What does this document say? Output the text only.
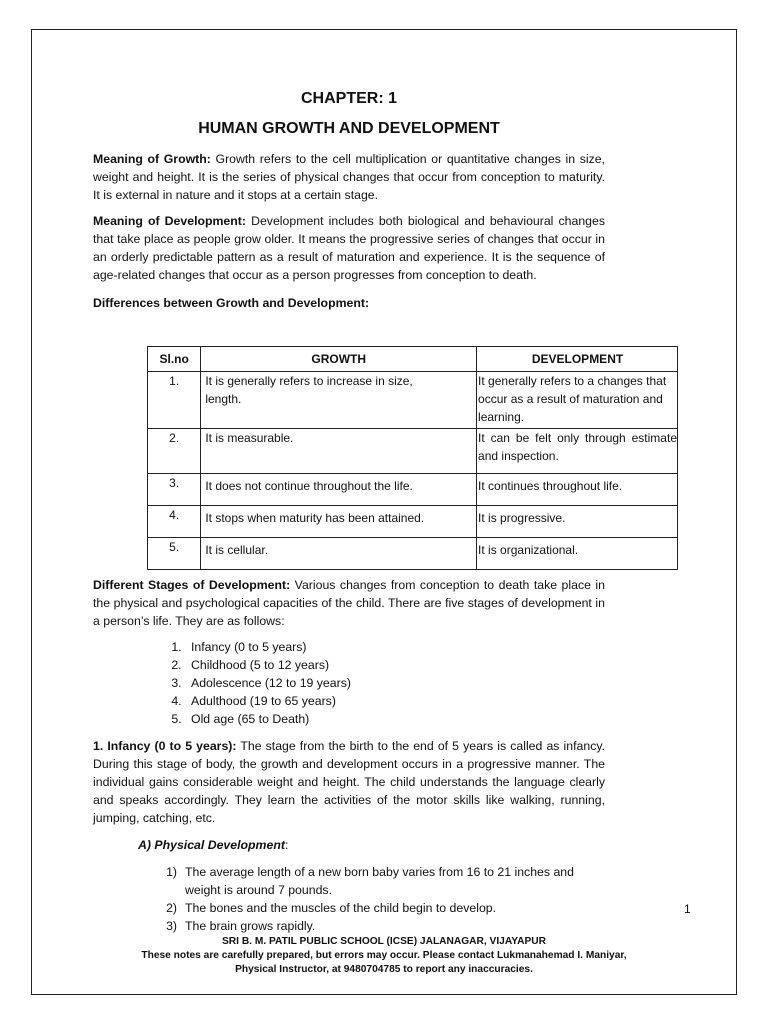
CHAPTER: 1
HUMAN GROWTH AND DEVELOPMENT

Meaning of Growth: Growth refers to the cell multiplication or quantitative changes in size, weight and height. It is the series of physical changes that occur from conception to maturity. It is external in nature and it stops at a certain stage.

Meaning of Development: Development includes both biological and behavioural changes that take place as people grow older. It means the progressive series of changes that occur in an orderly predictable pattern as a result of maturation and experience. It is the sequence of age-related changes that occur as a person progresses from conception to death.

Differences between Growth and Development:

Sl.no	GROWTH	DEVELOPMENT
1.	It is generally refers to increase in size, length.	It generally refers to a changes that occur as a result of maturation and learning.
2.	It is measurable.	It can be felt only through estimate and inspection.
3.	It does not continue throughout the life.	It continues throughout life.
4.	It stops when maturity has been attained.	It is progressive.
5.	It is cellular.	It is organizational.

Different Stages of Development: Various changes from conception to death take place in the physical and psychological capacities of the child. There are five stages of development in a person’s life. They are as follows:

1. Infancy (0 to 5 years)
2. Childhood (5 to 12 years)
3. Adolescence (12 to 19 years)
4. Adulthood (19 to 65 years)
5. Old age (65 to Death)

1. Infancy (0 to 5 years): The stage from the birth to the end of 5 years is called as infancy. During this stage of body, the growth and development occurs in a progressive manner. The individual gains considerable weight and height. The child understands the language clearly and speaks accordingly. They learn the activities of the motor skills like walking, running, jumping, catching, etc.

A) Physical Development:

1) The average length of a new born baby varies from 16 to 21 inches and weight is around 7 pounds.
2) The bones and the muscles of the child begin to develop.
3) The brain grows rapidly.
1
SRI B. M. PATIL PUBLIC SCHOOL (ICSE) JALANAGAR, VIJAYAPUR
These notes are carefully prepared, but errors may occur. Please contact Lukmanahemad I. Maniyar,
Physical Instructor, at 9480704785 to report any inaccuracies.
